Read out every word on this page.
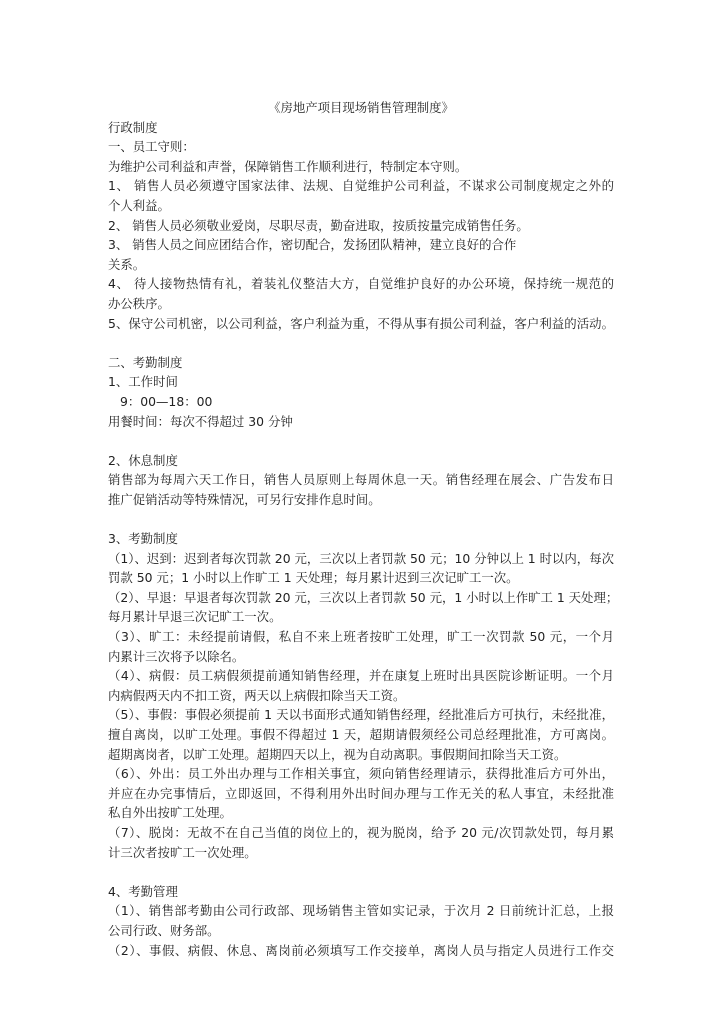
《房地产项目现场销售管理制度》
行政制度
一、员工守则：
为维护公司利益和声誉，保障销售工作顺利进行，特制定本守则。
1、 销售人员必须遵守国家法律、法规、自觉维护公司利益，不谋求公司制度规定之外的
个人利益。
2、 销售人员必须敬业爱岗，尽职尽责，勤奋进取，按质按量完成销售任务。
3、 销售人员之间应团结合作，密切配合，发扬团队精神，建立良好的合作
关系。
4、 待人接物热情有礼，着装礼仪整洁大方，自觉维护良好的办公环境，保持统一规范的
办公秩序。
5、保守公司机密，以公司利益，客户利益为重，不得从事有损公司利益，客户利益的活动。
二、考勤制度
1、工作时间
9：00—18：00
用餐时间：每次不得超过 30 分钟
2、休息制度
销售部为每周六天工作日，销售人员原则上每周休息一天。销售经理在展会、广告发布日
推广促销活动等特殊情况，可另行安排作息时间。
3、考勤制度
（1）、迟到：迟到者每次罚款 20 元，三次以上者罚款 50 元；10 分钟以上 1 时以内，每次
罚款 50 元；1 小时以上作旷工 1 天处理；每月累计迟到三次记旷工一次。
（2）、早退：早退者每次罚款 20 元，三次以上者罚款 50 元，1 小时以上作旷工 1 天处理；
每月累计早退三次记旷工一次。
（3）、旷工：未经提前请假，私自不来上班者按旷工处理，旷工一次罚款 50 元，一个月
内累计三次将予以除名。
（4）、病假：员工病假须提前通知销售经理，并在康复上班时出具医院诊断证明。一个月
内病假两天内不扣工资，两天以上病假扣除当天工资。
（5）、事假：事假必须提前 1 天以书面形式通知销售经理，经批准后方可执行，未经批准，
擅自离岗，以旷工处理。事假不得超过 1 天，超期请假须经公司总经理批准，方可离岗。
超期离岗者，以旷工处理。超期四天以上，视为自动离职。事假期间扣除当天工资。
（6）、外出：员工外出办理与工作相关事宜，须向销售经理请示，获得批准后方可外出，
并应在办完事情后，立即返回，不得利用外出时间办理与工作无关的私人事宜，未经批准
私自外出按旷工处理。
（7）、脱岗：无故不在自己当值的岗位上的，视为脱岗，给予 20 元/次罚款处罚，每月累
计三次者按旷工一次处理。
4、考勤管理
（1）、销售部考勤由公司行政部、现场销售主管如实记录，于次月 2 日前统计汇总，上报
公司行政、财务部。
（2）、事假、病假、休息、离岗前必须填写工作交接单，离岗人员与指定人员进行工作交
